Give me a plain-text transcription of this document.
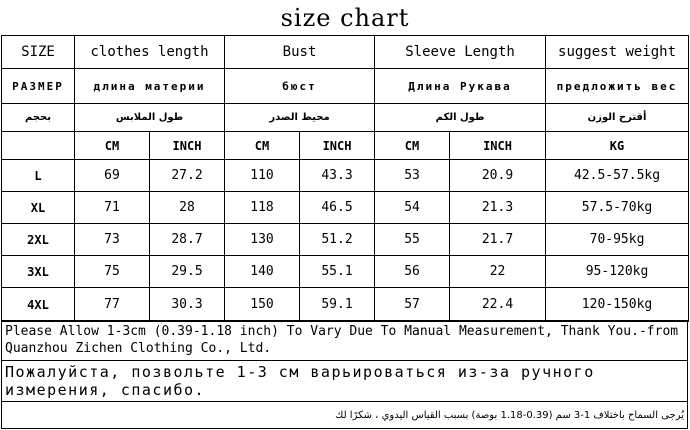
size chart
SIZE	clothes length		Bust		Sleeve Length		suggest weight
РАЗМЕР	длина материи		бюст		Длина Рукава		предложить вес
بحجم	طول الملابس		محيط الصدر		طول الكم		أقترح الوزن
	CM	INCH	CM	INCH	CM	INCH	KG
L	69	27.2	110	43.3	53	20.9	42.5-57.5kg
XL	71	28	118	46.5	54	21.3	57.5-70kg
2XL	73	28.7	130	51.2	55	21.7	70-95kg
3XL	75	29.5	140	55.1	56	22	95-120kg
4XL	77	30.3	150	59.1	57	22.4	120-150kg
Please Allow 1-3cm (0.39-1.18 inch) To Vary Due To Manual Measurement, Thank You.-from Quanzhou Zichen Clothing Co., Ltd.
Пожалуйста, позвольте 1-3 см варьироваться из-за ручного измерения, спасибо.
يُرجى السماح باختلاف 1-3 سم (0.39-1.18 بوصة) بسبب القياس اليدوي ، شكرًا لك
